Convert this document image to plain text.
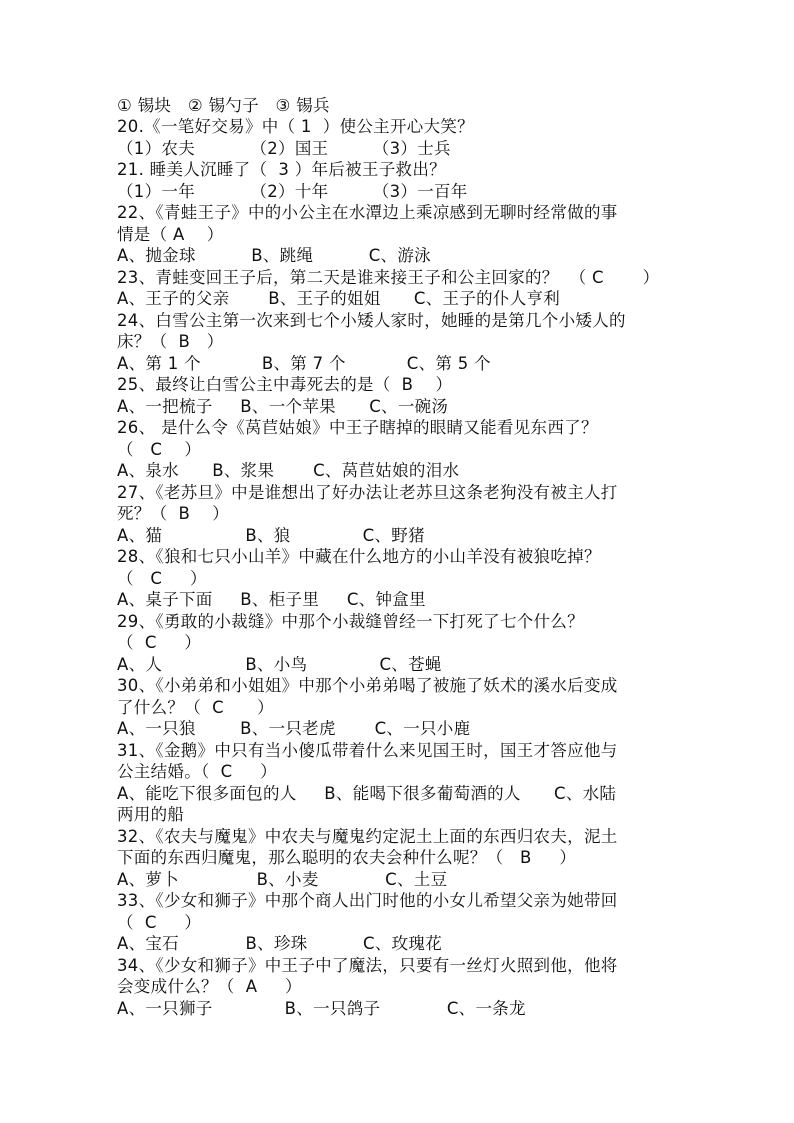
① 锡块   ② 锡勺子   ③ 锡兵
20.《一笔好交易》中（ 1  ）使公主开心大笑？
（1）农夫          （2）国王        （3）士兵
21. 睡美人沉睡了（  3 ）年后被王子救出？
（1）一年          （2）十年        （3）一百年
22、《青蛙王子》中的小公主在水潭边上乘凉感到无聊时经常做的事
情是（ A    ）
A、抛金球          B、跳绳          C、游泳
23、青蛙变回王子后，第二天是谁来接王子和公主回家的？  （ C       ）
A、王子的父亲       B、王子的姐姐      C、王子的仆人亨利
24、白雪公主第一次来到七个小矮人家时，她睡的是第几个小矮人的
床？（  B   ）
A、第 1 个           B、第 7 个           C、第 5 个
25、最终让白雪公主中毒死去的是（  B    ）
A、一把梳子     B、一个苹果      C、一碗汤
26、 是什么令《莴苣姑娘》中王子瞎掉的眼睛又能看见东西了？
（   C    ）
A、泉水      B、浆果       C、莴苣姑娘的泪水
27、《老苏旦》中是谁想出了好办法让老苏旦这条老狗没有被主人打
死？（  B    ）
A、猫               B、狼             C、野猪
28、《狼和七只小山羊》中藏在什么地方的小山羊没有被狼吃掉？
（   C     ）
A、桌子下面     B、柜子里     C、钟盒里
29、《勇敢的小裁缝》中那个小裁缝曾经一下打死了七个什么？
（  C     ）
A、人               B、小鸟             C、苍蝇
30、《小弟弟和小姐姐》中那个小弟弟喝了被施了妖术的溪水后变成
了什么？（  C      ）
A、一只狼        B、一只老虎       C、一只小鹿
31、《金鹅》中只有当小傻瓜带着什么来见国王时，国王才答应他与
公主结婚。（  C     ）
A、能吃下很多面包的人     B、能喝下很多葡萄酒的人      C、水陆
两用的船
32、《农夫与魔鬼》中农夫与魔鬼约定泥土上面的东西归农夫，泥土
下面的东西归魔鬼，那么聪明的农夫会种什么呢？（   B     ）
A、萝卜              B、小麦            C、土豆
33、《少女和狮子》中那个商人出门时他的小女儿希望父亲为她带回
（  C     ）
A、宝石            B、珍珠          C、玫瑰花
34、《少女和狮子》中王子中了魔法，只要有一丝灯火照到他，他将
会变成什么？（  A     ）
A、一只狮子             B、一只鸽子            C、一条龙
